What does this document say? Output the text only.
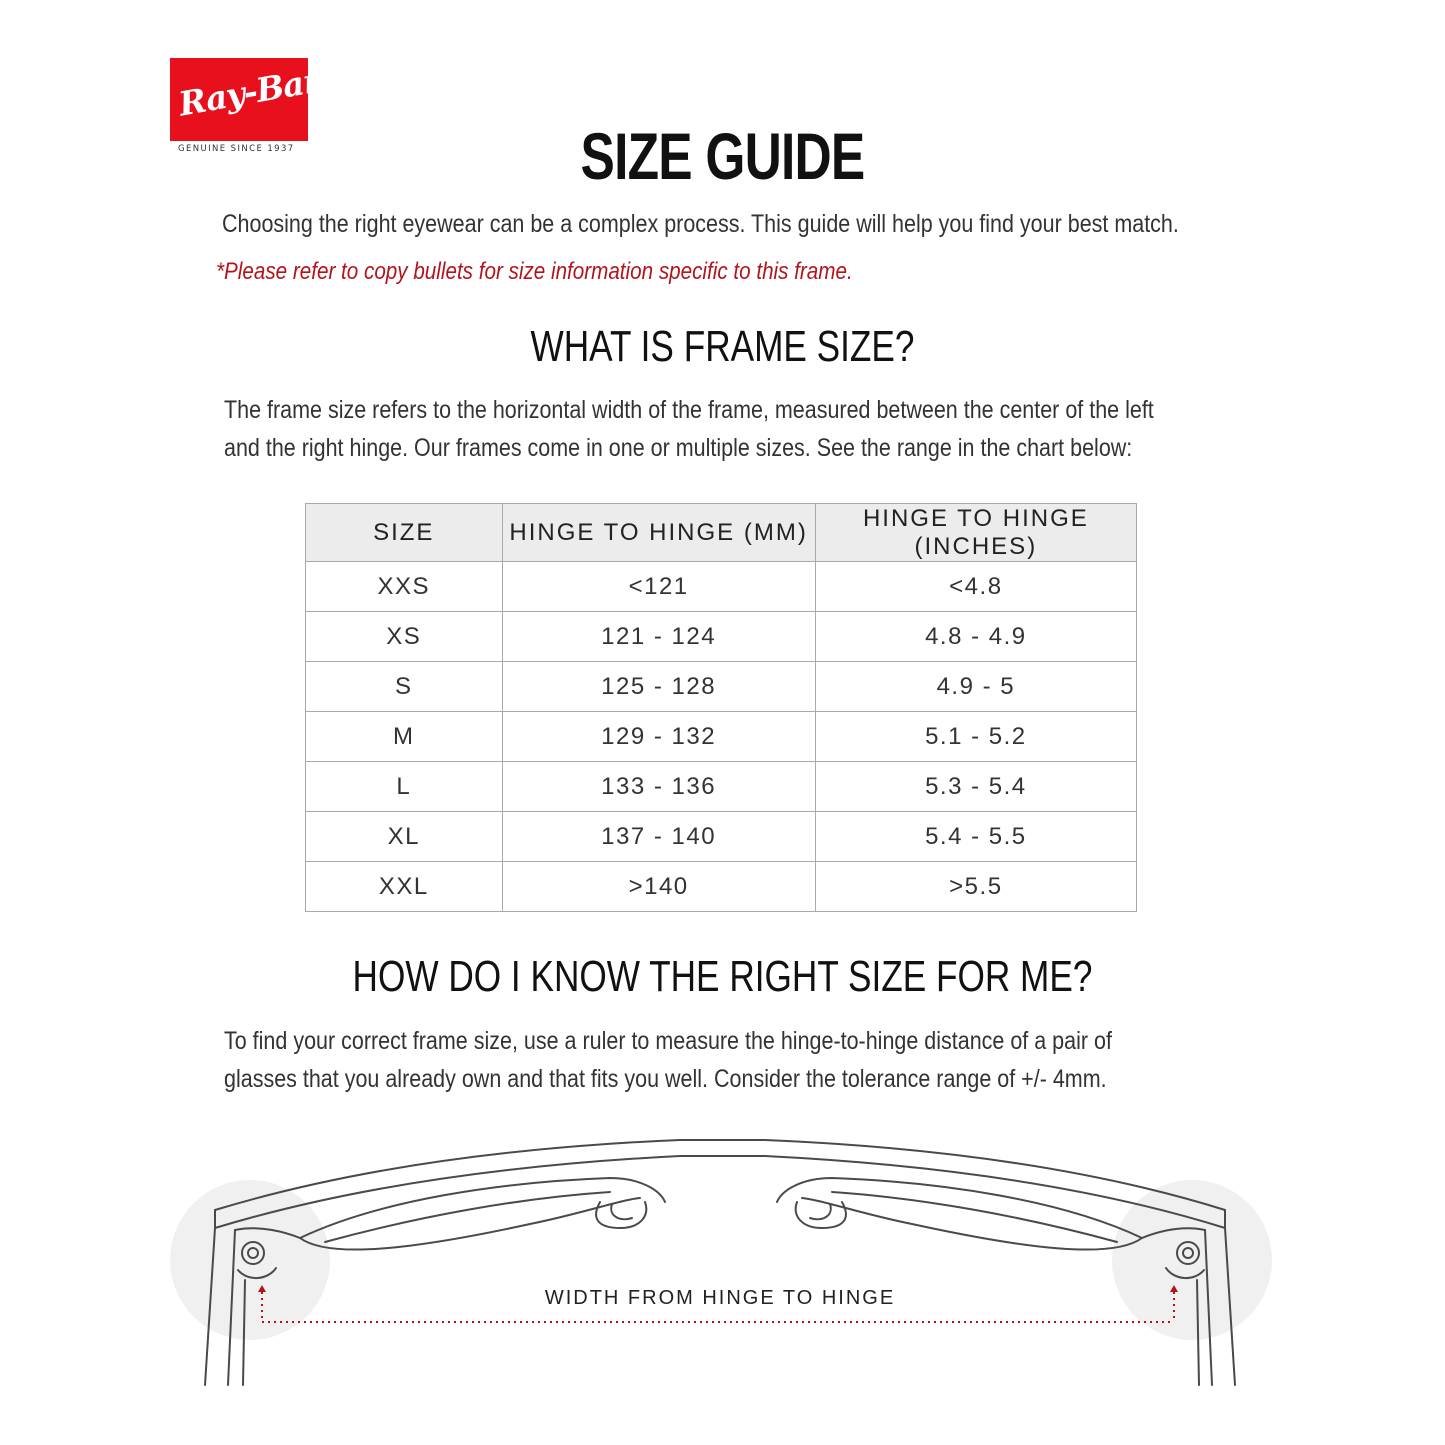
Ray-Ban
GENUINE SINCE 1937	SIZE GUIDE
Choosing the right eyewear can be a complex process. This guide will help you find your best match.
*Please refer to copy bullets for size information specific to this frame.
WHAT IS FRAME SIZE?
The frame size refers to the horizontal width of the frame, measured between the center of the left
and the right hinge. Our frames come in one or multiple sizes. See the range in the chart below:
SIZE	HINGE TO HINGE (MM)	HINGE TO HINGE (INCHES)
XXS	<121	<4.8
XS	121 - 124	4.8 - 4.9
S	125 - 128	4.9 - 5
M	129 - 132	5.1 - 5.2
L	133 - 136	5.3 - 5.4
XL	137 - 140	5.4 - 5.5
XXL	>140	>5.5
HOW DO I KNOW THE RIGHT SIZE FOR ME?
To find your correct frame size, use a ruler to measure the hinge-to-hinge distance of a pair of
glasses that you already own and that fits you well. Consider the tolerance range of +/- 4mm.
WIDTH FROM HINGE TO HINGE
